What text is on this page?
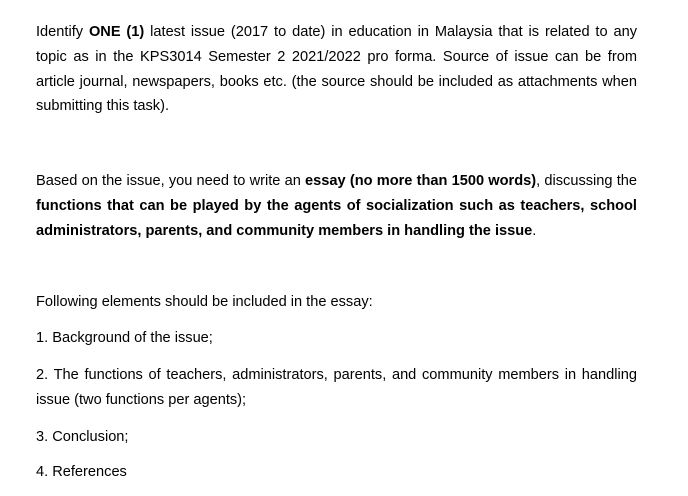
Identify ONE (1) latest issue (2017 to date) in education in Malaysia that is related to any topic as in the KPS3014 Semester 2 2021/2022 pro forma. Source of issue can be from article journal, newspapers, books etc. (the source should be included as attachments when submitting this task).

Based on the issue, you need to write an essay (no more than 1500 words), discussing the functions that can be played by the agents of socialization such as teachers, school administrators, parents, and community members in handling the issue.

Following elements should be included in the essay:

1. Background of the issue;

2. The functions of teachers, administrators, parents, and community members in handling issue (two functions per agents);

3. Conclusion;

4. References
